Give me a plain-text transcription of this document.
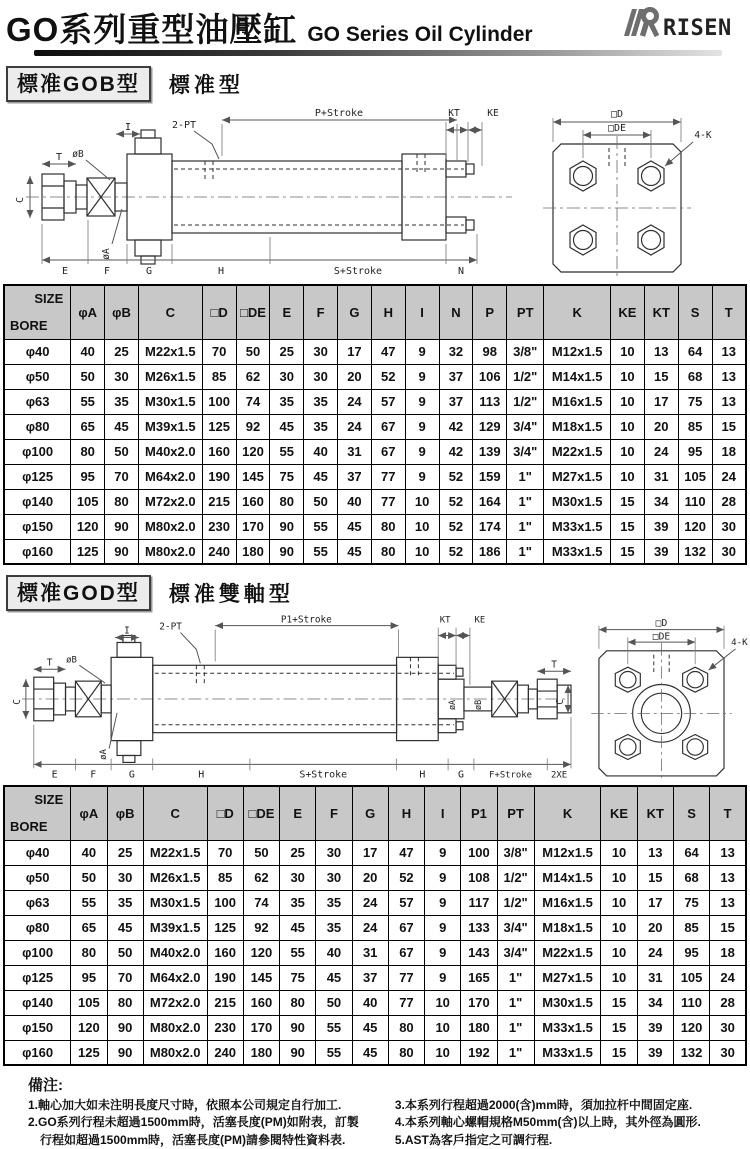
GO系列重型油壓缸 GO Series Oil Cylinder	RISEN
標准GOB型	標准型
T
I	2-PT
P+Stroke	KT	KE
C
øB
øA
E	F	G	H	S+Stroke	N
□D
□DE
4-K
SIZE
BORE	φA	φB	C	□D	□DE	E	F	G	H	I	N	P	PT	K	KE	KT	S	T
φ40	40	25	M22x1.5	70	50	25	30	17	47	9	32	98	3/8"	M12x1.5	10	13	64	13
φ50	50	30	M26x1.5	85	62	30	30	20	52	9	37	106	1/2"	M14x1.5	10	15	68	13
φ63	55	35	M30x1.5	100	74	35	35	24	57	9	37	113	1/2"	M16x1.5	10	17	75	13
φ80	65	45	M39x1.5	125	92	45	35	24	67	9	42	129	3/4"	M18x1.5	10	20	85	15
φ100	80	50	M40x2.0	160	120	55	40	31	67	9	42	139	3/4"	M22x1.5	10	24	95	18
φ125	95	70	M64x2.0	190	145	75	45	37	77	9	52	159	1"	M27x1.5	10	31	105	24
φ140	105	80	M72x2.0	215	160	80	50	40	77	10	52	164	1"	M30x1.5	15	34	110	28
φ150	120	90	M80x2.0	230	170	90	55	45	80	10	52	174	1"	M33x1.5	15	39	120	30
φ160	125	90	M80x2.0	240	180	90	55	45	80	10	52	186	1"	M33x1.5	15	39	132	30
標准GOD型	標准雙軸型
T
I	2-PT
P1+Stroke	KT	KE
T
C	C
øB
øA
øA øB
E	F	G	H	S+Stroke	H	G	F+Stroke 2XE
□D
□DE
4-K
SIZE
BORE	φA	φB	C	□D	□DE	E	F	G	H	I	P1	PT	K	KE	KT	S	T
φ40	40	25	M22x1.5	70	50	25	30	17	47	9	100	3/8"	M12x1.5	10	13	64	13
φ50	50	30	M26x1.5	85	62	30	30	20	52	9	108	1/2"	M14x1.5	10	15	68	13
φ63	55	35	M30x1.5	100	74	35	35	24	57	9	117	1/2"	M16x1.5	10	17	75	13
φ80	65	45	M39x1.5	125	92	45	35	24	67	9	133	3/4"	M18x1.5	10	20	85	15
φ100	80	50	M40x2.0	160	120	55	40	31	67	9	143	3/4"	M22x1.5	10	24	95	18
φ125	95	70	M64x2.0	190	145	75	45	37	77	9	165	1"	M27x1.5	10	31	105	24
φ140	105	80	M72x2.0	215	160	80	50	40	77	10	170	1"	M30x1.5	15	34	110	28
φ150	120	90	M80x2.0	230	170	90	55	45	80	10	180	1"	M33x1.5	15	39	120	30
φ160	125	90	M80x2.0	240	180	90	55	45	80	10	192	1"	M33x1.5	15	39	132	30
備注:
1.軸心加大如未注明長度尺寸時，依照本公司規定自行加工.
2.GO系列行程未超過1500mm時，活塞長度(PM)如附表，訂製
行程如超過1500mm時，活塞長度(PM)請參閱特性資料表.
3.本系列行程超過2000(含)mm時，須加拉杆中間固定座.
4.本系列軸心螺帽規格M50mm(含)以上時，其外徑為圓形.
5.AST為客戶指定之可調行程.
